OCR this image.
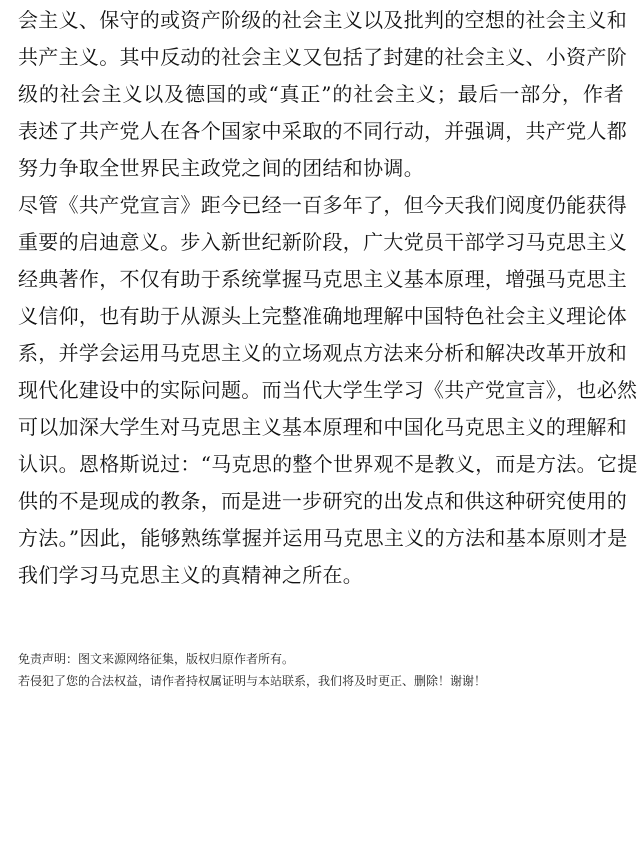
会主义、保守的或资产阶级的社会主义以及批判的空想的社会主义和
共产主义。其中反动的社会主义又包括了封建的社会主义、小资产阶
级的社会主义以及德国的或“真正”的社会主义；最后一部分，作者
表述了共产党人在各个国家中采取的不同行动，并强调，共产党人都
努力争取全世界民主政党之间的团结和协调。
尽管《共产党宣言》距今已经一百多年了，但今天我们阅度仍能获得
重要的启迪意义。步入新世纪新阶段，广大党员干部学习马克思主义
经典著作，不仅有助于系统掌握马克思主义基本原理，增强马克思主
义信仰，也有助于从源头上完整准确地理解中国特色社会主义理论体
系，并学会运用马克思主义的立场观点方法来分析和解决改革开放和
现代化建设中的实际问题。而当代大学生学习《共产党宣言》，也必然
可以加深大学生对马克思主义基本原理和中国化马克思主义的理解和
认识。恩格斯说过：“马克思的整个世界观不是教义，而是方法。它提
供的不是现成的教条，而是进一步研究的出发点和供这种研究使用的
方法。”因此，能够熟练掌握并运用马克思主义的方法和基本原则才是
我们学习马克思主义的真精神之所在。
免责声明：图文来源网络征集，版权归原作者所有。
若侵犯了您的合法权益，请作者持权属证明与本站联系，我们将及时更正、删除！谢谢！
